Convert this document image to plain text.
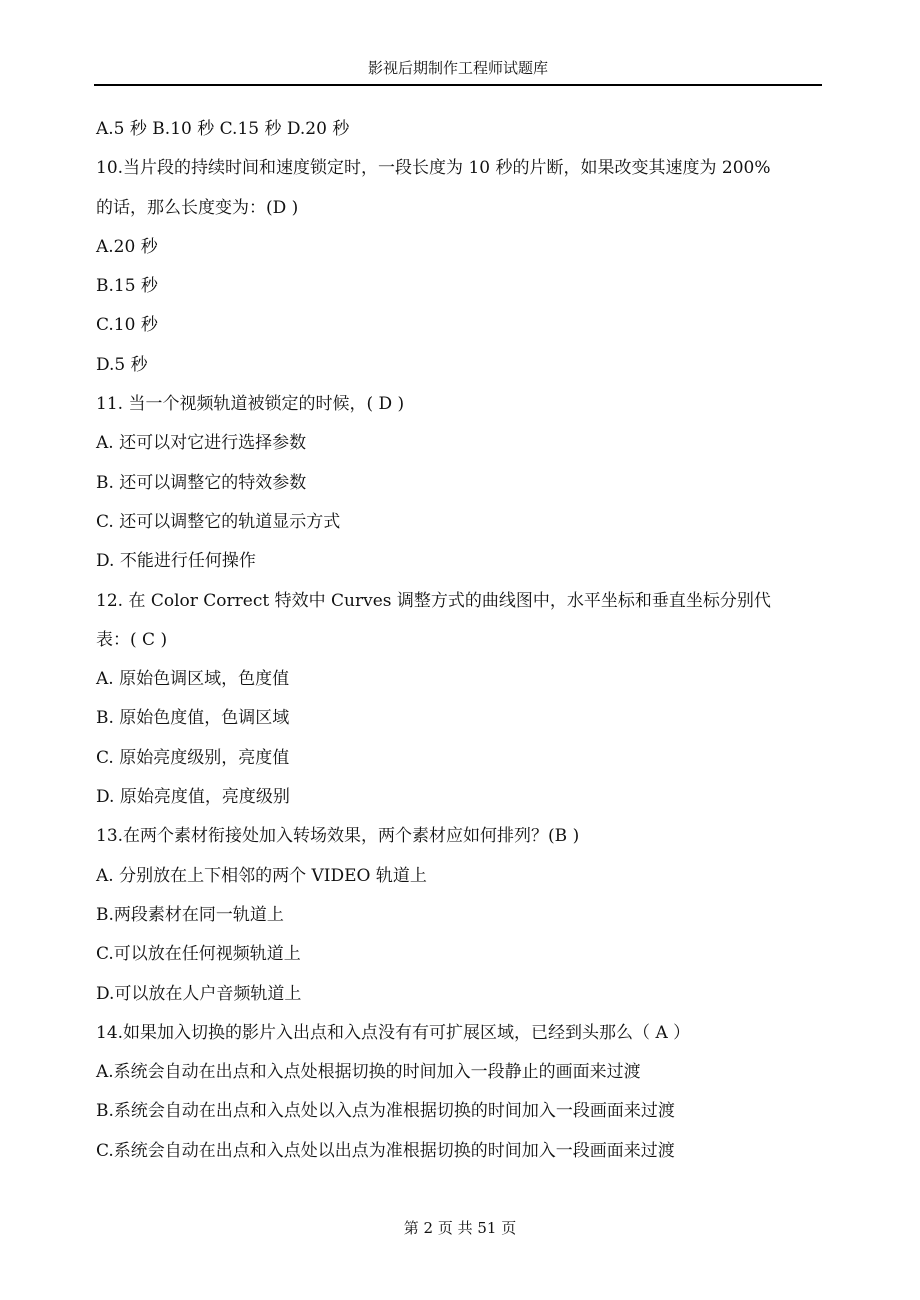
影视后期制作工程师试题库
A.5 秒 B.10 秒 C.15 秒 D.20 秒
10.当片段的持续时间和速度锁定时，一段长度为 10 秒的片断，如果改变其速度为 200%
的话，那么长度变为：(D )
A.20 秒
B.15 秒
C.10 秒
D.5 秒
11. 当一个视频轨道被锁定的时候，( D )
A. 还可以对它进行选择参数
B. 还可以调整它的特效参数
C. 还可以调整它的轨道显示方式
D. 不能进行任何操作
12. 在 Color Correct 特效中 Curves 调整方式的曲线图中，水平坐标和垂直坐标分别代
表：( C )
A. 原始色调区域，色度值
B. 原始色度值，色调区域
C. 原始亮度级别，亮度值
D. 原始亮度值，亮度级别
13.在两个素材衔接处加入转场效果，两个素材应如何排列？(B )
A. 分别放在上下相邻的两个 VIDEO 轨道上
B.两段素材在同一轨道上
C.可以放在任何视频轨道上
D.可以放在人户音频轨道上
14.如果加入切换的影片入出点和入点没有有可扩展区域，已经到头那么（ A ）
A.系统会自动在出点和入点处根据切换的时间加入一段静止的画面来过渡
B.系统会自动在出点和入点处以入点为准根据切换的时间加入一段画面来过渡
C.系统会自动在出点和入点处以出点为准根据切换的时间加入一段画面来过渡
第 2 页 共 51 页
